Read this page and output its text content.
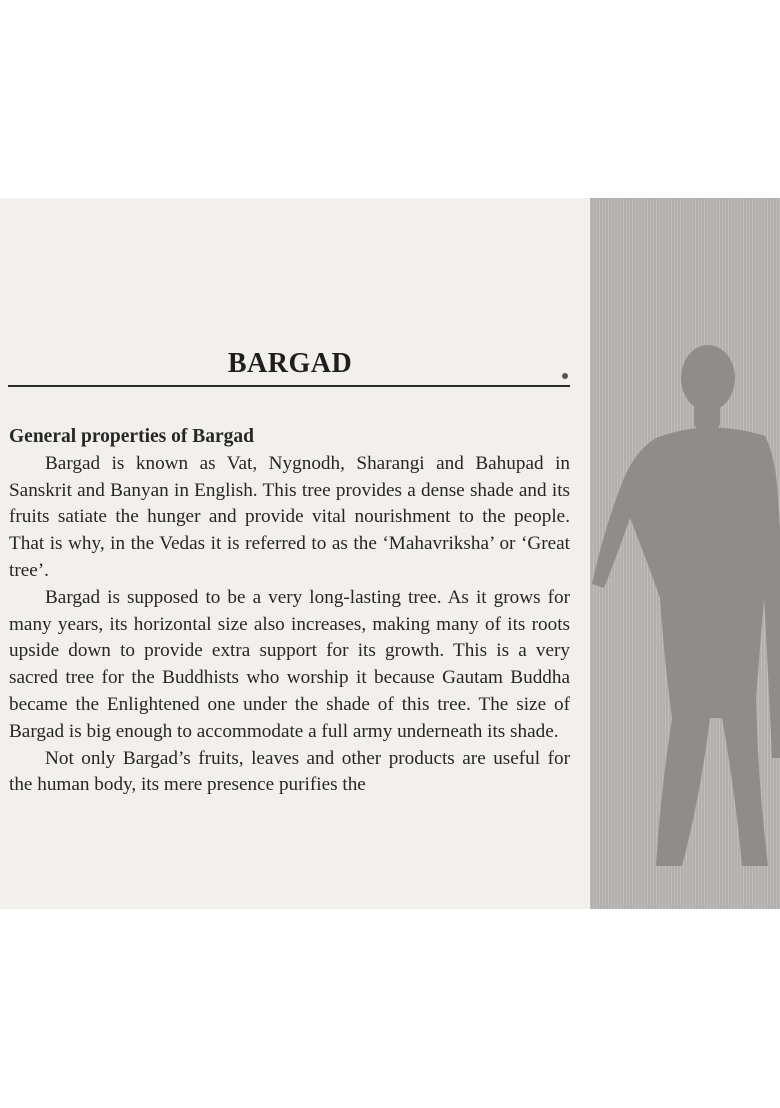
BARGAD

General properties of Bargad

Bargad is known as Vat, Nygnodh, Sharangi and Bahupad in Sanskrit and Banyan in English. This tree provides a dense shade and its fruits satiate the hunger and provide vital nourishment to the people. That is why, in the Vedas it is referred to as the ‘Mahavriksha’ or ‘Great tree’.

Bargad is supposed to be a very long-lasting tree. As it grows for many years, its horizontal size also increases, making many of its roots upside down to provide extra support for its growth. This is a very sacred tree for the Buddhists who worship it because Gautam Buddha became the Enlightened one under the shade of this tree. The size of Bargad is big enough to accommodate a full army underneath its shade.

Not only Bargad’s fruits, leaves and other products are useful for the human body, its mere presence purifies the
